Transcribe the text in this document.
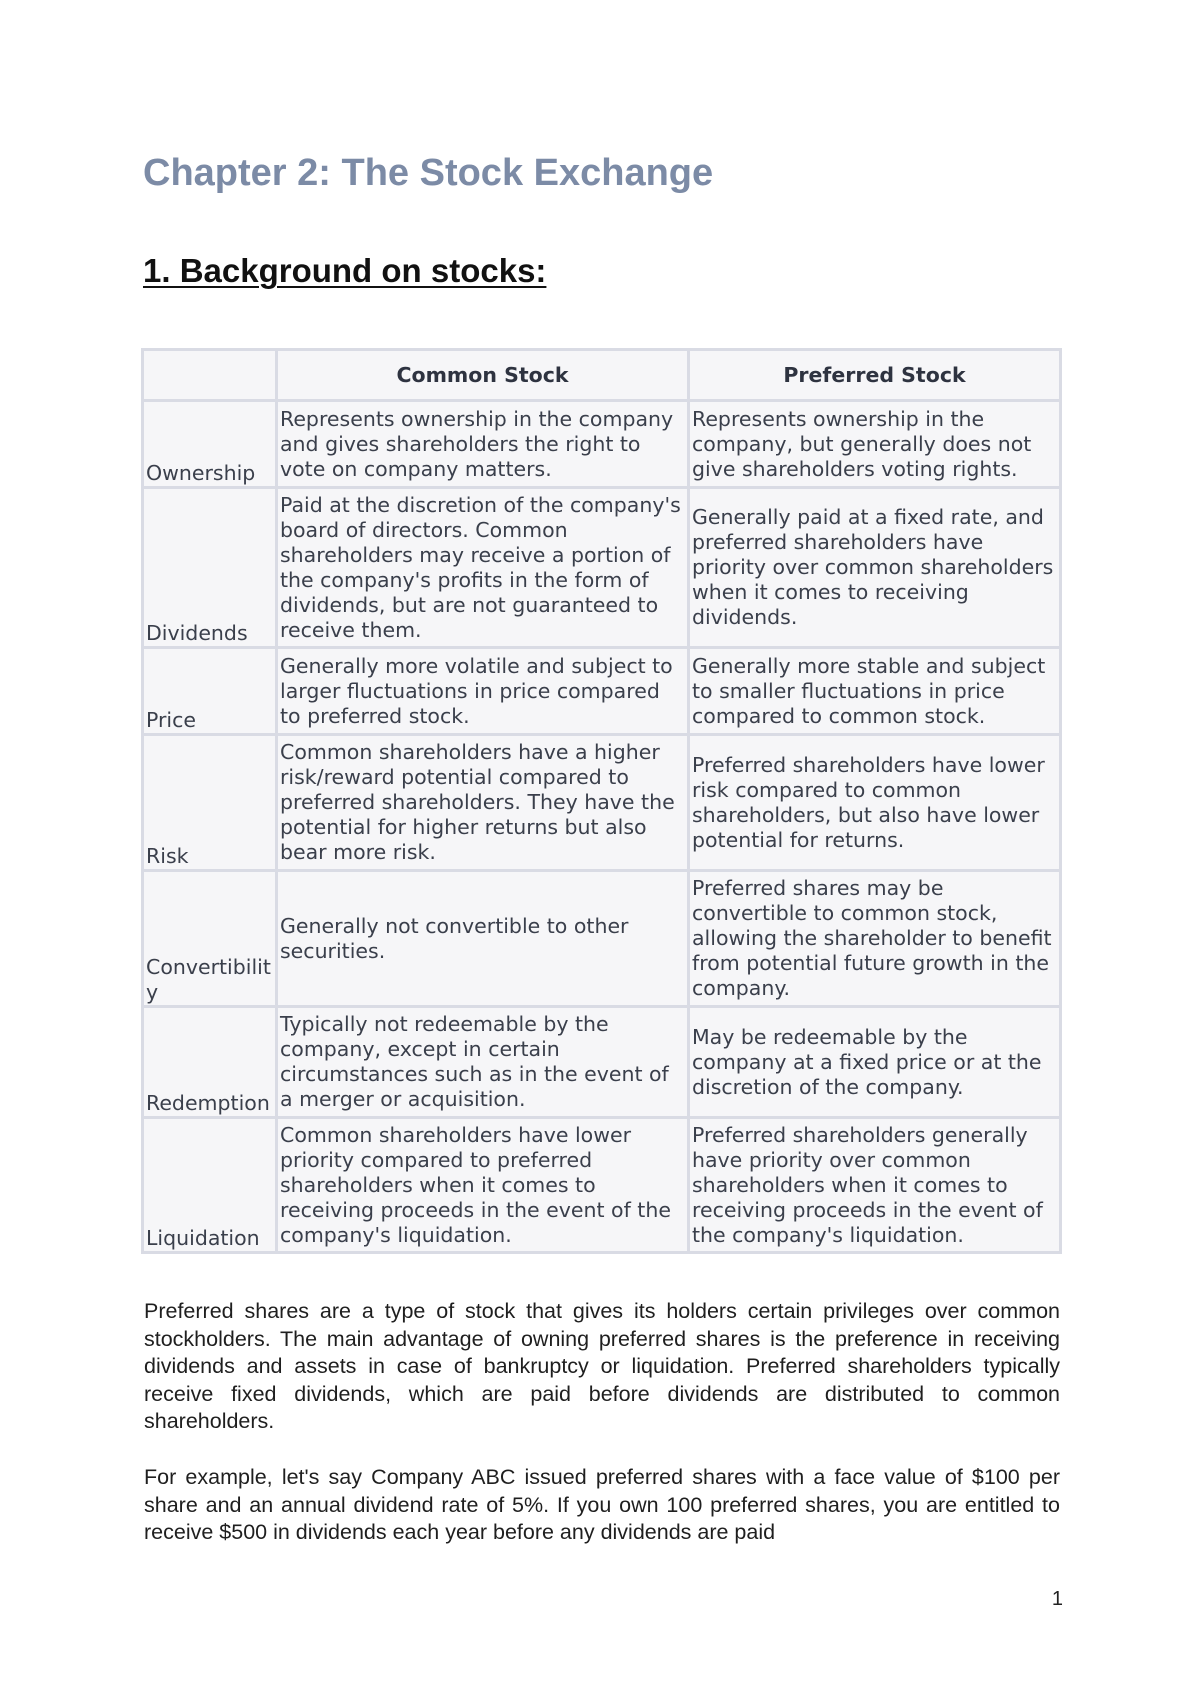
Chapter 2: The Stock Exchange
1. Background on stocks:
	Common Stock	Preferred Stock
Ownership	Represents ownership in the company and gives shareholders the right to vote on company matters.	Represents ownership in the company, but generally does not give shareholders voting rights.
Dividends	Paid at the discretion of the company's board of directors. Common shareholders may receive a portion of the company's profits in the form of dividends, but are not guaranteed to receive them.	Generally paid at a fixed rate, and preferred shareholders have priority over common shareholders when it comes to receiving dividends.
Price	Generally more volatile and subject to larger fluctuations in price compared to preferred stock.	Generally more stable and subject to smaller fluctuations in price compared to common stock.
Risk	Common shareholders have a higher risk/reward potential compared to preferred shareholders. They have the potential for higher returns but also bear more risk.	Preferred shareholders have lower risk compared to common shareholders, but also have lower potential for returns.
Convertibility	Generally not convertible to other securities.	Preferred shares may be convertible to common stock, allowing the shareholder to benefit from potential future growth in the company.
Redemption	Typically not redeemable by the company, except in certain circumstances such as in the event of a merger or acquisition.	May be redeemable by the company at a fixed price or at the discretion of the company.
Liquidation	Common shareholders have lower priority compared to preferred shareholders when it comes to receiving proceeds in the event of the company's liquidation.	Preferred shareholders generally have priority over common shareholders when it comes to receiving proceeds in the event of the company's liquidation.

Preferred shares are a type of stock that gives its holders certain privileges over common stockholders. The main advantage of owning preferred shares is the preference in receiving dividends and assets in case of bankruptcy or liquidation. Preferred shareholders typically receive fixed dividends, which are paid before dividends are distributed to common shareholders.

For example, let's say Company ABC issued preferred shares with a face value of $100 per share and an annual dividend rate of 5%. If you own 100 preferred shares, you are entitled to receive $500 in dividends each year before any dividends are paid

1
